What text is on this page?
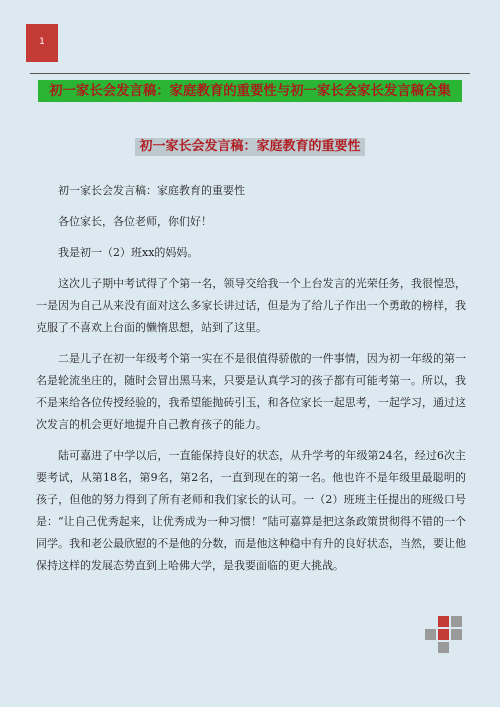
1
初一家长会发言稿：家庭教育的重要性与初一家长会家长发言稿合集
初一家长会发言稿：家庭教育的重要性

初一家长会发言稿：家庭教育的重要性

各位家长，各位老师，你们好！

我是初一（2）班xx的妈妈。

这次儿子期中考试得了个第一名，领导交给我一个上台发言的光荣任务，我很惶恐，一是因为自己从来没有面对这么多家长讲过话，但是为了给儿子作出一个勇敢的榜样，我克服了不喜欢上台面的懒惰思想，站到了这里。

二是儿子在初一年级考个第一实在不是很值得骄傲的一件事情，因为初一年级的第一名是轮流坐庄的，随时会冒出黑马来，只要是认真学习的孩子都有可能考第一。所以，我不是来给各位传授经验的，我希望能抛砖引玉，和各位家长一起思考，一起学习，通过这次发言的机会更好地提升自己教育孩子的能力。

陆可嘉进了中学以后，一直能保持良好的状态，从升学考的年级第24名，经过6次主要考试，从第18名，第9名，第2名，一直到现在的第一名。他也许不是年级里最聪明的孩子，但他的努力得到了所有老师和我们家长的认可。一（2）班班主任提出的班级口号是：“让自己优秀起来，让优秀成为一种习惯！”陆可嘉算是把这条政策贯彻得不错的一个同学。我和老公最欣慰的不是他的分数，而是他这种稳中有升的良好状态，当然，要让他保持这样的发展态势直到上哈佛大学，是我要面临的更大挑战。
